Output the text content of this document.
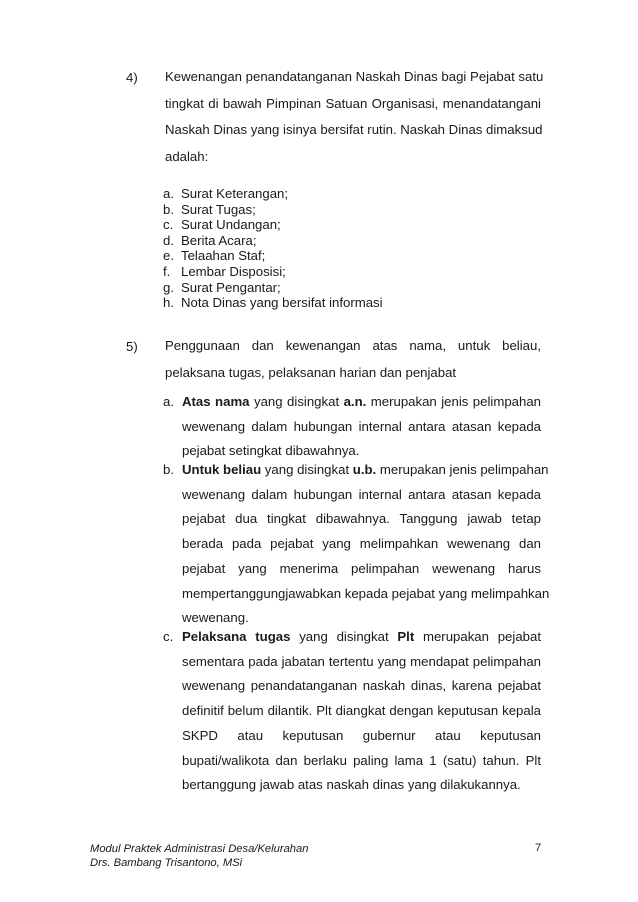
4)	Kewenangan penandatanganan Naskah Dinas bagi Pejabat satu
tingkat di bawah Pimpinan Satuan Organisasi, menandatangani
Naskah Dinas yang isinya bersifat rutin. Naskah Dinas dimaksud
adalah:
a. Surat Keterangan;
b. Surat Tugas;
c. Surat Undangan;
d. Berita Acara;
e. Telaahan Staf;
f. Lembar Disposisi;
g. Surat Pengantar;
h. Nota Dinas yang bersifat informasi
5)	Penggunaan dan kewenangan atas nama, untuk beliau,
pelaksana tugas, pelaksanan harian dan penjabat
a. Atas nama yang disingkat a.n. merupakan jenis pelimpahan
wewenang dalam hubungan internal antara atasan kepada
pejabat setingkat dibawahnya.
b. Untuk beliau yang disingkat u.b. merupakan jenis pelimpahan
wewenang dalam hubungan internal antara atasan kepada
pejabat dua tingkat dibawahnya. Tanggung jawab tetap
berada pada pejabat yang melimpahkan wewenang dan
pejabat yang menerima pelimpahan wewenang harus
mempertanggungjawabkan kepada pejabat yang melimpahkan
wewenang.
c. Pelaksana tugas yang disingkat Plt merupakan pejabat
sementara pada jabatan tertentu yang mendapat pelimpahan
wewenang penandatanganan naskah dinas, karena pejabat
definitif belum dilantik. Plt diangkat dengan keputusan kepala
SKPD atau keputusan gubernur atau keputusan
bupati/walikota dan berlaku paling lama 1 (satu) tahun. Plt
bertanggung jawab atas naskah dinas yang dilakukannya.
Modul Praktek Administrasi Desa/Kelurahan
Drs. Bambang Trisantono, MSi
7
